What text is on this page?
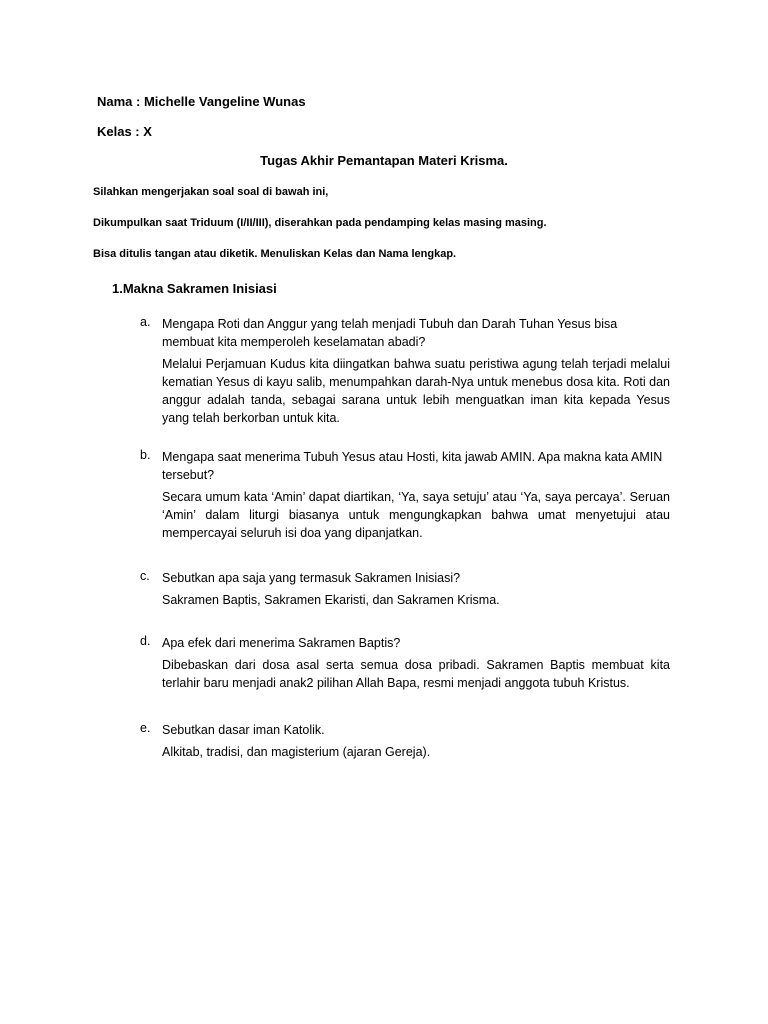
Nama : Michelle Vangeline Wunas

Kelas : X

Tugas Akhir Pemantapan Materi Krisma.

Silahkan mengerjakan soal soal di bawah ini,

Dikumpulkan saat Triduum (I/II/III), diserahkan pada pendamping kelas masing masing.

Bisa ditulis tangan atau diketik. Menuliskan Kelas dan Nama lengkap.

1.Makna Sakramen Inisiasi

a. Mengapa Roti dan Anggur yang telah menjadi Tubuh dan Darah Tuhan Yesus bisa membuat kita memperoleh keselamatan abadi?

Melalui Perjamuan Kudus kita diingatkan bahwa suatu peristiwa agung telah terjadi melalui kematian Yesus di kayu salib, menumpahkan darah-Nya untuk menebus dosa kita. Roti dan anggur adalah tanda, sebagai sarana untuk lebih menguatkan iman kita kepada Yesus yang telah berkorban untuk kita.

b. Mengapa saat menerima Tubuh Yesus atau Hosti, kita jawab AMIN. Apa makna kata AMIN tersebut?

Secara umum kata ‘Amin’ dapat diartikan, ‘Ya, saya setuju’ atau ‘Ya, saya percaya’. Seruan ‘Amin’ dalam liturgi biasanya untuk mengungkapkan bahwa umat menyetujui atau mempercayai seluruh isi doa yang dipanjatkan.

c. Sebutkan apa saja yang termasuk Sakramen Inisiasi?

Sakramen Baptis, Sakramen Ekaristi, dan Sakramen Krisma.

d. Apa efek dari menerima Sakramen Baptis?

Dibebaskan dari dosa asal serta semua dosa pribadi. Sakramen Baptis membuat kita terlahir baru menjadi anak2 pilihan Allah Bapa, resmi menjadi anggota tubuh Kristus.

e. Sebutkan dasar iman Katolik.

Alkitab, tradisi, dan magisterium (ajaran Gereja).
